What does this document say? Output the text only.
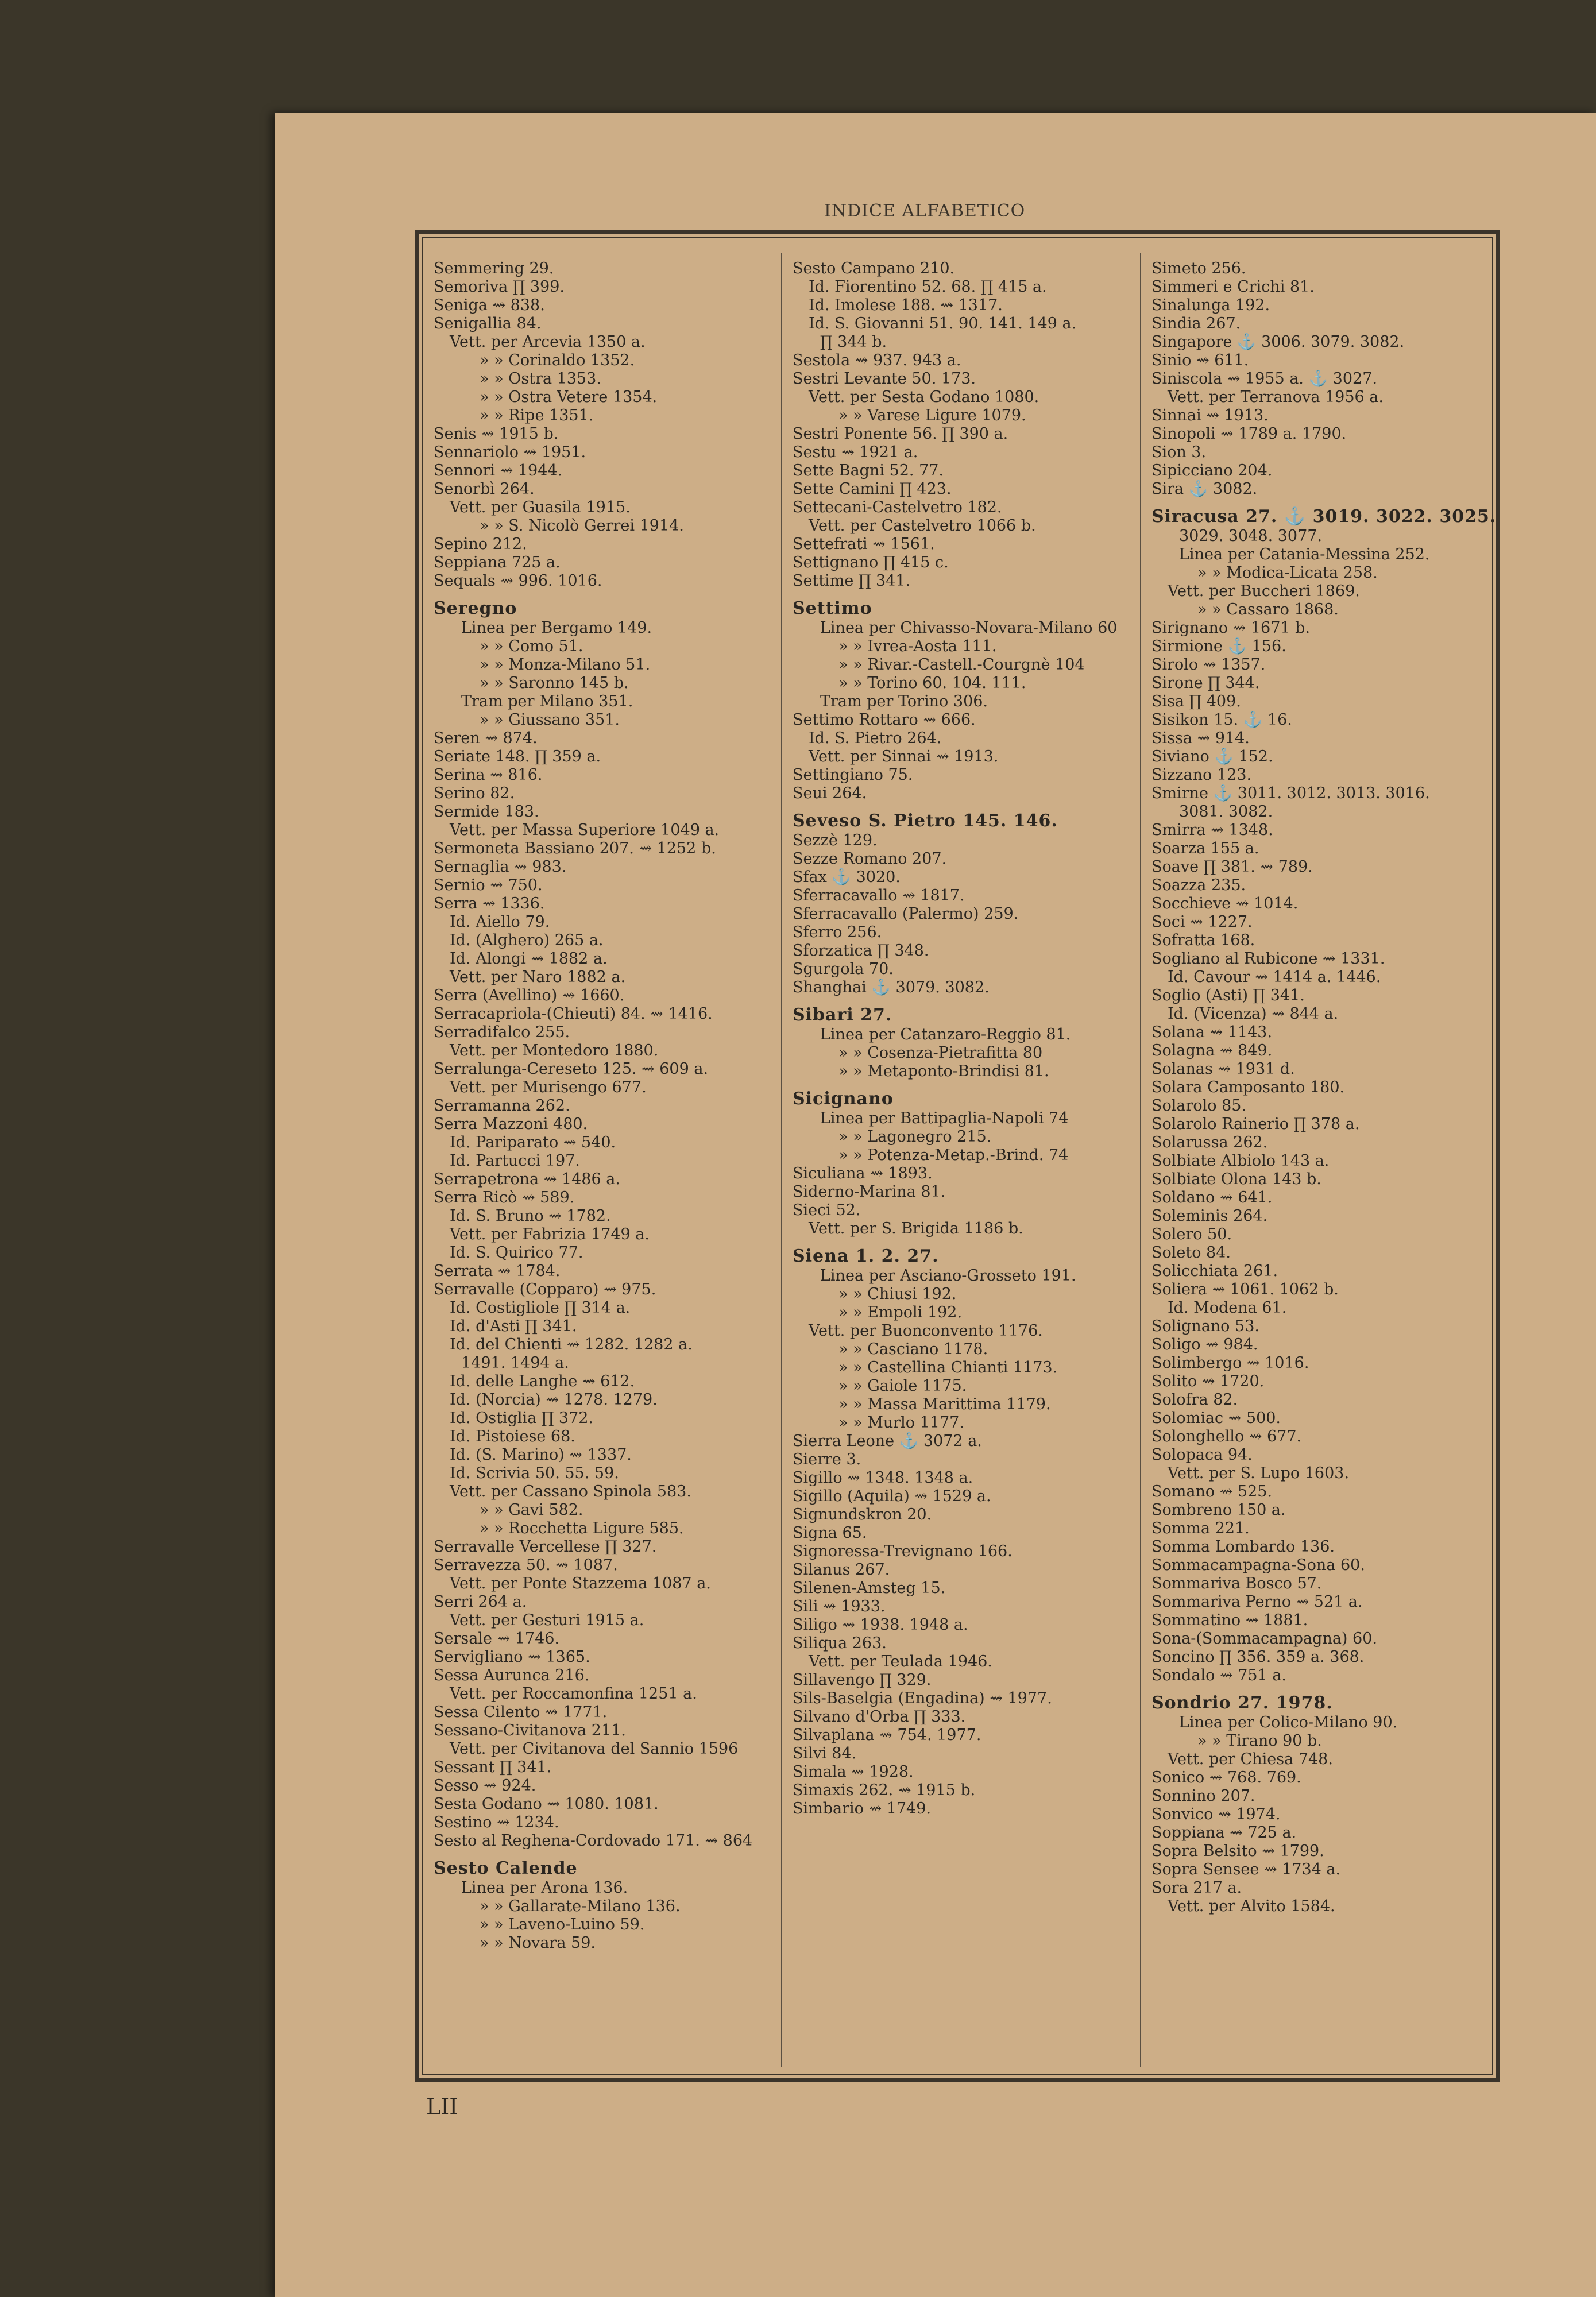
Semmering 29.
Semoriva ∏ 399.
Seniga ⇝ 838.
Senigallia 84.
Vett. per Arcevia 1350 a.
» » Corinaldo 1352.
» » Ostra 1353.
» » Ostra Vetere 1354.
» » Ripe 1351.
Senis ⇝ 1915 b.
Sennariolo ⇝ 1951.
Sennori ⇝ 1944.
Senorbì 264.
Vett. per Guasila 1915.
» » S. Nicolò Gerrei 1914.
Sepino 212.
Seppiana 725 a.
Sequals ⇝ 996. 1016.
Seregno
Linea per Bergamo 149.
» » Como 51.
» » Monza-Milano 51.
» » Saronno 145 b.
Tram per Milano 351.
» » Giussano 351.
Seren ⇝ 874.
Seriate 148. ∏ 359 a.
Serina ⇝ 816.
Serino 82.
Sermide 183.
Vett. per Massa Superiore 1049 a.
Sermoneta Bassiano 207. ⇝ 1252 b.
Sernaglia ⇝ 983.
Sernio ⇝ 750.
Serra ⇝ 1336.
Id. Aiello 79.
Id. (Alghero) 265 a.
Id. Alongi ⇝ 1882 a.
Vett. per Naro 1882 a.
Serra (Avellino) ⇝ 1660.
Serracapriola-(Chieuti) 84. ⇝ 1416.
Serradifalco 255.
Vett. per Montedoro 1880.
Serralunga-Cereseto 125. ⇝ 609 a.
Vett. per Murisengo 677.
Serramanna 262.
Serra Mazzoni 480.
Id. Pariparato ⇝ 540.
Id. Partucci 197.
Serrapetrona ⇝ 1486 a.
Serra Ricò ⇝ 589.
Id. S. Bruno ⇝ 1782.
Vett. per Fabrizia 1749 a.
Id. S. Quirico 77.
Serrata ⇝ 1784.
Serravalle (Copparo) ⇝ 975.
Id. Costigliole ∏ 314 a.
Id. d'Asti ∏ 341.
Id. del Chienti ⇝ 1282. 1282 a.
1491. 1494 a.
Id. delle Langhe ⇝ 612.
Id. (Norcia) ⇝ 1278. 1279.
Id. Ostiglia ∏ 372.
Id. Pistoiese 68.
Id. (S. Marino) ⇝ 1337.
Id. Scrivia 50. 55. 59.
Vett. per Cassano Spinola 583.
» » Gavi 582.
» » Rocchetta Ligure 585.
Serravalle Vercellese ∏ 327.
Serravezza 50. ⇝ 1087.
Vett. per Ponte Stazzema 1087 a.
Serri 264 a.
Vett. per Gesturi 1915 a.
Sersale ⇝ 1746.
Servigliano ⇝ 1365.
Sessa Aurunca 216.
Vett. per Roccamonfina 1251 a.
Sessa Cilento ⇝ 1771.
Sessano-Civitanova 211.
Vett. per Civitanova del Sannio 1596
Sessant ∏ 341.
Sesso ⇝ 924.
Sesta Godano ⇝ 1080. 1081.
Sestino ⇝ 1234.
Sesto al Reghena-Cordovado 171. ⇝ 864
Sesto Calende
Linea per Arona 136.
» » Gallarate-Milano 136.
» » Laveno-Luino 59.
» » Novara 59.
Sesto Campano 210.
Id. Fiorentino 52. 68. ∏ 415 a.
Id. Imolese 188. ⇝ 1317.
Id. S. Giovanni 51. 90. 141. 149 a.
∏ 344 b.
Sestola ⇝ 937. 943 a.
Sestri Levante 50. 173.
Vett. per Sesta Godano 1080.
» » Varese Ligure 1079.
Sestri Ponente 56. ∏ 390 a.
Sestu ⇝ 1921 a.
Sette Bagni 52. 77.
Sette Camini ∏ 423.
Settecani-Castelvetro 182.
Vett. per Castelvetro 1066 b.
Settefrati ⇝ 1561.
Settignano ∏ 415 c.
Settime ∏ 341.
Settimo
Linea per Chivasso-Novara-Milano 60
» » Ivrea-Aosta 111.
» » Rivar.-Castell.-Courgnè 104
» » Torino 60. 104. 111.
Tram per Torino 306.
Settimo Rottaro ⇝ 666.
Id. S. Pietro 264.
Vett. per Sinnai ⇝ 1913.
Settingiano 75.
Seui 264.
Seveso S. Pietro 145. 146.
Sezzè 129.
Sezze Romano 207.
Sfax ⚓ 3020.
Sferracavallo ⇝ 1817.
Sferracavallo (Palermo) 259.
Sferro 256.
Sforzatica ∏ 348.
Sgurgola 70.
Shanghai ⚓ 3079. 3082.
Sibari 27.
Linea per Catanzaro-Reggio 81.
» » Cosenza-Pietrafitta 80
» » Metaponto-Brindisi 81.
Sicignano
Linea per Battipaglia-Napoli 74
» » Lagonegro 215.
» » Potenza-Metap.-Brind. 74
Siculiana ⇝ 1893.
Siderno-Marina 81.
Sieci 52.
Vett. per S. Brigida 1186 b.
Siena 1. 2. 27.
Linea per Asciano-Grosseto 191.
» » Chiusi 192.
» » Empoli 192.
Vett. per Buonconvento 1176.
» » Casciano 1178.
» » Castellina Chianti 1173.
» » Gaiole 1175.
» » Massa Marittima 1179.
» » Murlo 1177.
Sierra Leone ⚓ 3072 a.
Sierre 3.
Sigillo ⇝ 1348. 1348 a.
Sigillo (Aquila) ⇝ 1529 a.
Signundskron 20.
Signa 65.
Signoressa-Trevignano 166.
Silanus 267.
Silenen-Amsteg 15.
Sili ⇝ 1933.
Siligo ⇝ 1938. 1948 a.
Siliqua 263.
Vett. per Teulada 1946.
Sillavengo ∏ 329.
Sils-Baselgia (Engadina) ⇝ 1977.
Silvano d'Orba ∏ 333.
Silvaplana ⇝ 754. 1977.
Silvi 84.
Simala ⇝ 1928.
Simaxis 262. ⇝ 1915 b.
Simbario ⇝ 1749.
Simeto 256.
Simmeri e Crichi 81.
Sinalunga 192.
Sindia 267.
Singapore ⚓ 3006. 3079. 3082.
Sinio ⇝ 611.
Siniscola ⇝ 1955 a. ⚓ 3027.
Vett. per Terranova 1956 a.
Sinnai ⇝ 1913.
Sinopoli ⇝ 1789 a. 1790.
Sion 3.
Sipicciano 204.
Sira ⚓ 3082.
Siracusa 27. ⚓ 3019. 3022. 3025.
3029. 3048. 3077.
Linea per Catania-Messina 252.
» » Modica-Licata 258.
Vett. per Buccheri 1869.
» » Cassaro 1868.
Sirignano ⇝ 1671 b.
Sirmione ⚓ 156.
Sirolo ⇝ 1357.
Sirone ∏ 344.
Sisa ∏ 409.
Sisikon 15. ⚓ 16.
Sissa ⇝ 914.
Siviano ⚓ 152.
Sizzano 123.
Smirne ⚓ 3011. 3012. 3013. 3016.
3081. 3082.
Smirra ⇝ 1348.
Soarza 155 a.
Soave ∏ 381. ⇝ 789.
Soazza 235.
Socchieve ⇝ 1014.
Soci ⇝ 1227.
Sofratta 168.
Sogliano al Rubicone ⇝ 1331.
Id. Cavour ⇝ 1414 a. 1446.
Soglio (Asti) ∏ 341.
Id. (Vicenza) ⇝ 844 a.
Solana ⇝ 1143.
Solagna ⇝ 849.
Solanas ⇝ 1931 d.
Solara Camposanto 180.
Solarolo 85.
Solarolo Rainerio ∏ 378 a.
Solarussa 262.
Solbiate Albiolo 143 a.
Solbiate Olona 143 b.
Soldano ⇝ 641.
Soleminis 264.
Solero 50.
Soleto 84.
Solicchiata 261.
Soliera ⇝ 1061. 1062 b.
Id. Modena 61.
Solignano 53.
Soligo ⇝ 984.
Solimbergo ⇝ 1016.
Solito ⇝ 1720.
Solofra 82.
Solomiac ⇝ 500.
Solonghello ⇝ 677.
Solopaca 94.
Vett. per S. Lupo 1603.
Somano ⇝ 525.
Sombreno 150 a.
Somma 221.
Somma Lombardo 136.
Sommacampagna-Sona 60.
Sommariva Bosco 57.
Sommariva Perno ⇝ 521 a.
Sommatino ⇝ 1881.
Sona-(Sommacampagna) 60.
Soncino ∏ 356. 359 a. 368.
Sondalo ⇝ 751 a.
Sondrio 27. 1978.
Linea per Colico-Milano 90.
» » Tirano 90 b.
Vett. per Chiesa 748.
Sonico ⇝ 768. 769.
Sonnino 207.
Sonvico ⇝ 1974.
Soppiana ⇝ 725 a.
Sopra Belsito ⇝ 1799.
Sopra Sensee ⇝ 1734 a.
Sora 217 a.
Vett. per Alvito 1584.
LII
